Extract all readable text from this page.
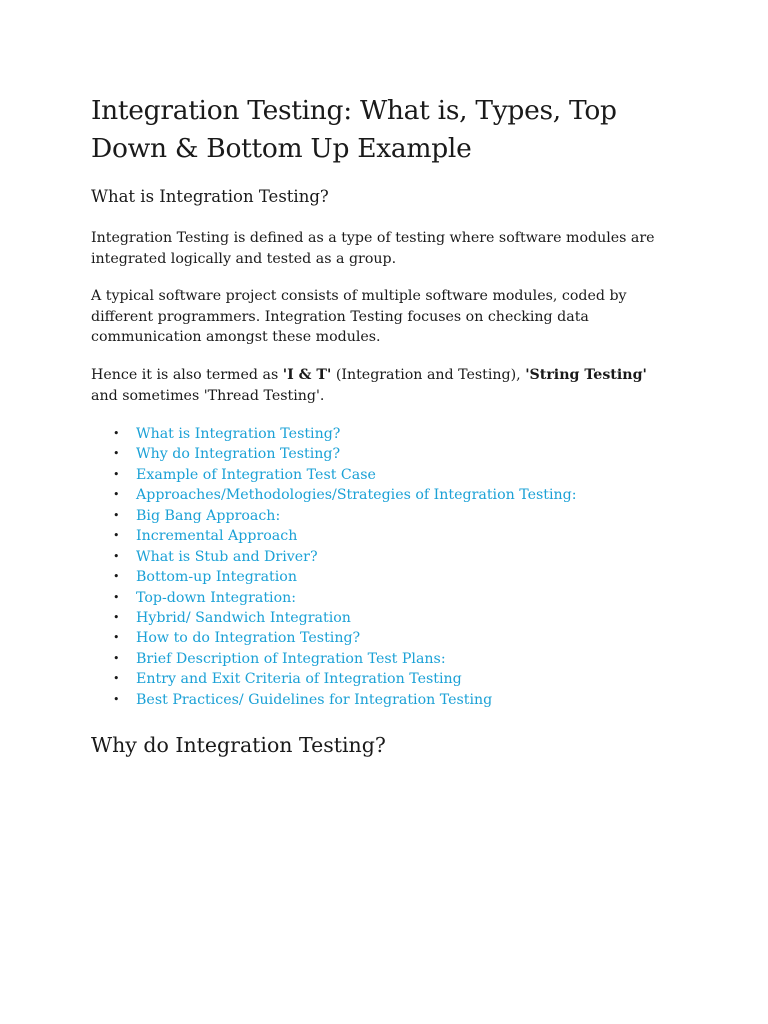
Integration Testing: What is, Types, Top Down & Bottom Up Example
What is Integration Testing?

Integration Testing is defined as a type of testing where software modules are integrated logically and tested as a group.

A typical software project consists of multiple software modules, coded by different programmers. Integration Testing focuses on checking data communication amongst these modules.

Hence it is also termed as 'I & T' (Integration and Testing), 'String Testing' and sometimes 'Thread Testing'.

• What is Integration Testing?
• Why do Integration Testing?
• Example of Integration Test Case
• Approaches/Methodologies/Strategies of Integration Testing:
• Big Bang Approach:
• Incremental Approach
• What is Stub and Driver?
• Bottom-up Integration
• Top-down Integration:
• Hybrid/ Sandwich Integration
• How to do Integration Testing?
• Brief Description of Integration Test Plans:
• Entry and Exit Criteria of Integration Testing
• Best Practices/ Guidelines for Integration Testing
Why do Integration Testing?
